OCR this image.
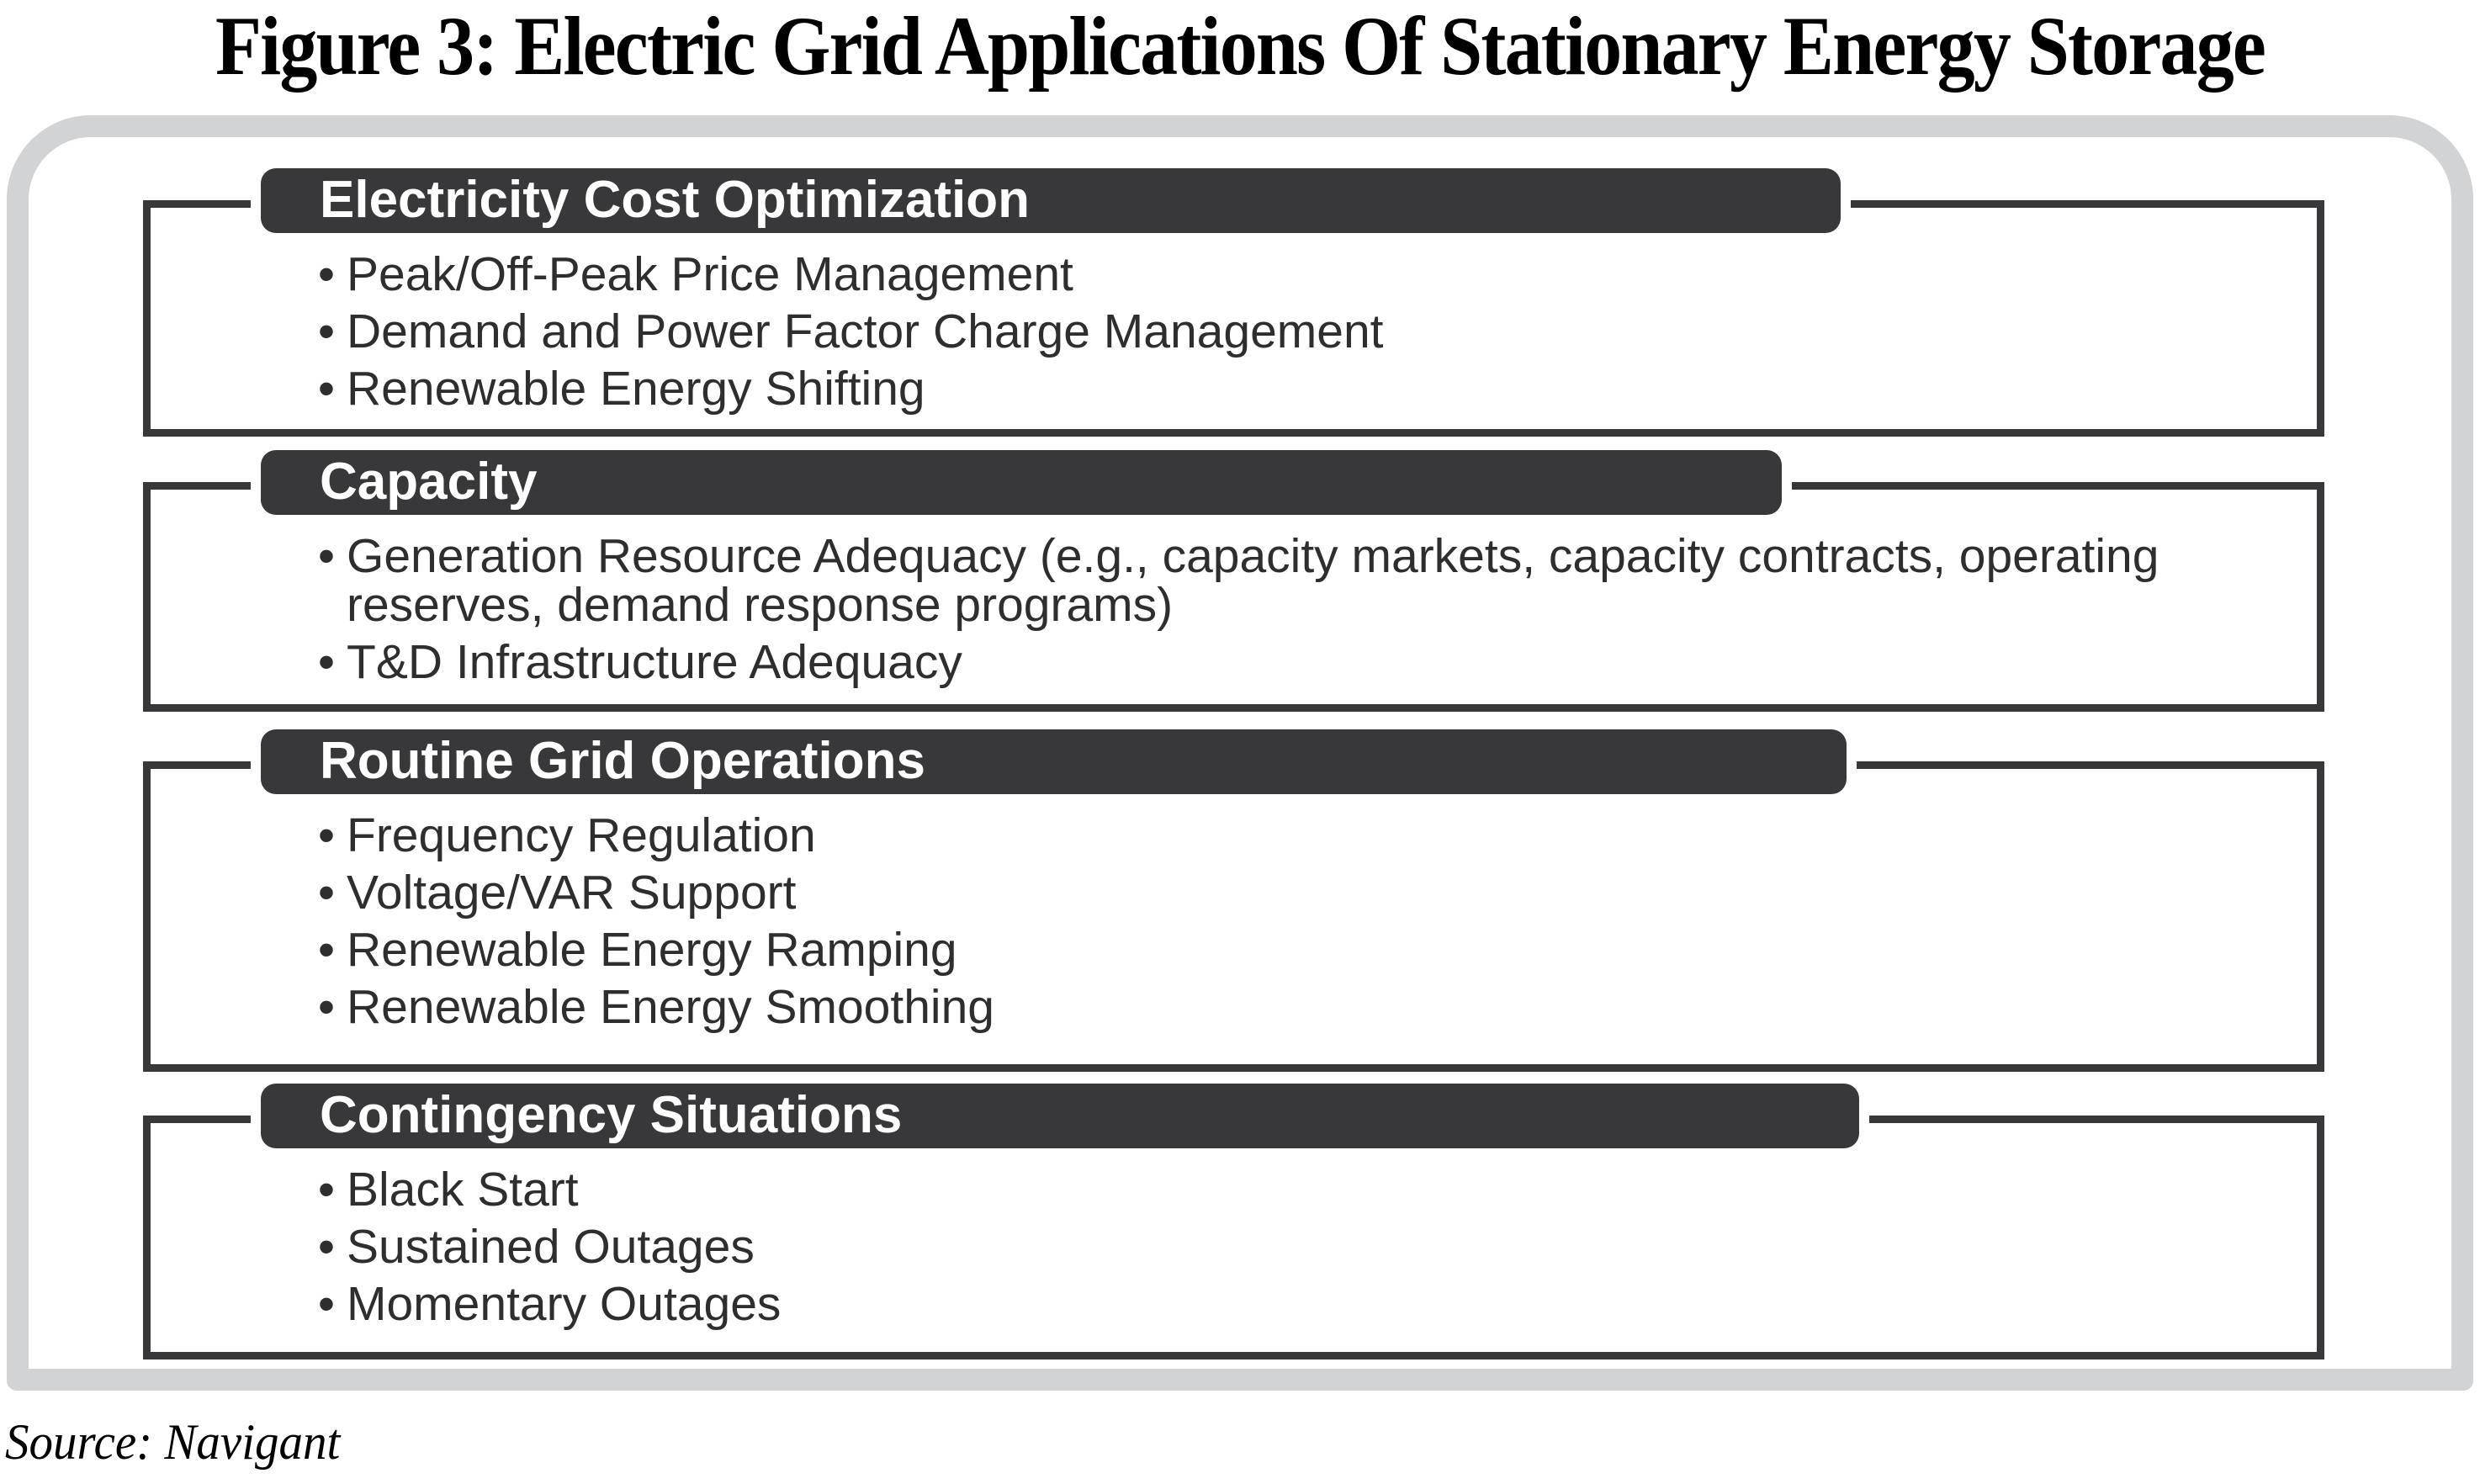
Figure 3: Electric Grid Applications Of Stationary Energy Storage
Electricity Cost Optimization
• Peak/Off-Peak Price Management
• Demand and Power Factor Charge Management
• Renewable Energy Shifting
Capacity
• Generation Resource Adequacy (e.g., capacity markets, capacity contracts, operating reserves, demand response programs)
• T&D Infrastructure Adequacy
Routine Grid Operations
• Frequency Regulation
• Voltage/VAR Support
• Renewable Energy Ramping
• Renewable Energy Smoothing
Contingency Situations
• Black Start
• Sustained Outages
• Momentary Outages
Source: Navigant
